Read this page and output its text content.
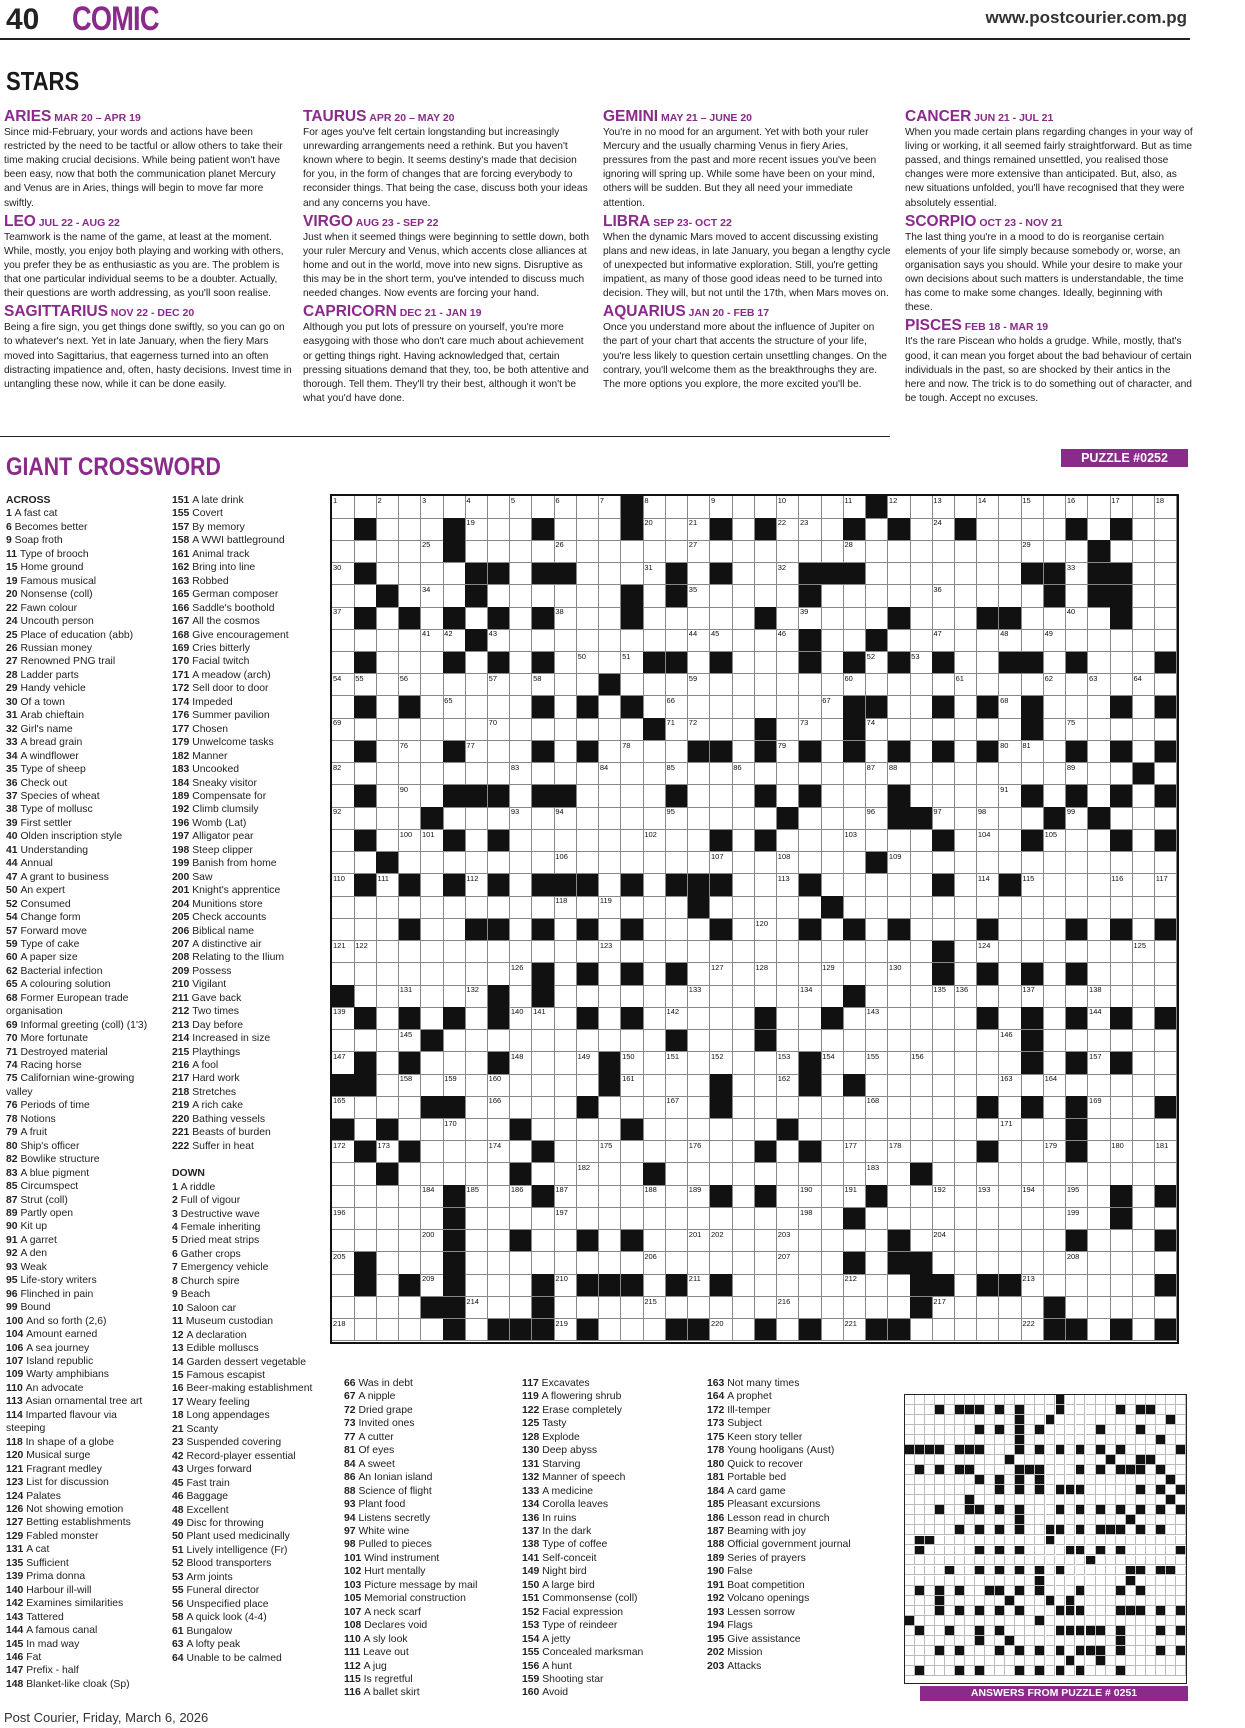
40 COMIC	www.postcourier.com.pg
STARS
ARIES MAR 20 – APR 19
Since mid-February, your words and actions have been restricted by the need to be tactful or allow others to take their time making crucial decisions. While being patient won't have been easy, now that both the communication planet Mercury and Venus are in Aries, things will begin to move far more swiftly.
LEO JUL 22 - AUG 22
Teamwork is the name of the game, at least at the moment. While, mostly, you enjoy both playing and working with others, you prefer they be as enthusiastic as you are. The problem is that one particular individual seems to be a doubter. Actually, their questions are worth addressing, as you'll soon realise.
SAGITTARIUS NOV 22 - DEC 20
Being a fire sign, you get things done swiftly, so you can go on to whatever's next. Yet in late January, when the fiery Mars moved into Sagittarius, that eagerness turned into an often distracting impatience and, often, hasty decisions. Invest time in untangling these now, while it can be done easily.
TAURUS APR 20 – MAY 20
For ages you've felt certain longstanding but increasingly unrewarding arrangements need a rethink. But you haven't known where to begin. It seems destiny's made that decision for you, in the form of changes that are forcing everybody to reconsider things. That being the case, discuss both your ideas and any concerns you have.
VIRGO AUG 23 - SEP 22
Just when it seemed things were beginning to settle down, both your ruler Mercury and Venus, which accents close alliances at home and out in the world, move into new signs. Disruptive as this may be in the short term, you've intended to discuss much needed changes. Now events are forcing your hand.
CAPRICORN DEC 21 - JAN 19
Although you put lots of pressure on yourself, you're more easygoing with those who don't care much about achievement or getting things right. Having acknowledged that, certain pressing situations demand that they, too, be both attentive and thorough. Tell them. They'll try their best, although it won't be what you'd have done.
GEMINI MAY 21 – JUNE 20
You're in no mood for an argument. Yet with both your ruler Mercury and the usually charming Venus in fiery Aries, pressures from the past and more recent issues you've been ignoring will spring up. While some have been on your mind, others will be sudden. But they all need your immediate attention.
LIBRA SEP 23- OCT 22
When the dynamic Mars moved to accent discussing existing plans and new ideas, in late January, you began a lengthy cycle of unexpected but informative exploration. Still, you're getting impatient, as many of those good ideas need to be turned into decision. They will, but not until the 17th, when Mars moves on.
AQUARIUS JAN 20 - FEB 17
Once you understand more about the influence of Jupiter on the part of your chart that accents the structure of your life, you're less likely to question certain unsettling changes. On the contrary, you'll welcome them as the breakthroughs they are. The more options you explore, the more excited you'll be.
CANCER JUN 21 - JUL 21
When you made certain plans regarding changes in your way of living or working, it all seemed fairly straightforward. But as time passed, and things remained unsettled, you realised those changes were more extensive than anticipated. But, also, as new situations unfolded, you'll have recognised that they were absolutely essential.
SCORPIO OCT 23 - NOV 21
The last thing you're in a mood to do is reorganise certain elements of your life simply because somebody or, worse, an organisation says you should. While your desire to make your own decisions about such matters is understandable, the time has come to make some changes. Ideally, beginning with these.
PISCES FEB 18 - MAR 19
It's the rare Piscean who holds a grudge. While, mostly, that's good, it can mean you forget about the bad behaviour of certain individuals in the past, so are shocked by their antics in the here and now. The trick is to do something out of character, and be tough. Accept no excuses.
GIANT CROSSWORD	PUZZLE #0252
ACROSS
1 A fast cat
6 Becomes better
9 Soap froth
11 Type of brooch
15 Home ground
19 Famous musical
20 Nonsense (coll)
22 Fawn colour
24 Uncouth person
25 Place of education (abb)
26 Russian money
27 Renowned PNG trail
28 Ladder parts
29 Handy vehicle
30 Of a town
31 Arab chieftain
32 Girl's name
33 A bread grain
34 A windflower
35 Type of sheep
36 Check out
37 Species of wheat
38 Type of mollusc
39 First settler
40 Olden inscription style
41 Understanding
44 Annual
47 A grant to business
50 An expert
52 Consumed
54 Change form
57 Forward move
59 Type of cake
60 A paper size
62 Bacterial infection
65 A colouring solution
68 Former European trade organisation
69 Informal greeting (coll) (1'3)
70 More fortunate
71 Destroyed material
74 Racing horse
75 Californian wine-growing valley
76 Periods of time
78 Notions
79 A fruit
80 Ship's officer
82 Bowlike structure
83 A blue pigment
85 Circumspect
87 Strut (coll)
89 Partly open
90 Kit up
91 A garret
92 A den
93 Weak
95 Life-story writers
96 Flinched in pain
99 Bound
100 And so forth (2,6)
104 Amount earned
106 A sea journey
107 Island republic
109 Warty amphibians
110 An advocate
113 Asian ornamental tree art
114 Imparted flavour via steeping
118 In shape of a globe
120 Musical surge
121 Fragrant medley
123 List for discussion
124 Palates
126 Not showing emotion
127 Betting establishments
129 Fabled monster
131 A cat
135 Sufficient
139 Prima donna
140 Harbour ill-will
142 Examines similarities
143 Tattered
144 A famous canal
145 In mad way
146 Fat
147 Prefix - half
148 Blanket-like cloak (Sp)
151 A late drink
155 Covert
157 By memory
158 A WWI battleground
161 Animal track
162 Bring into line
163 Robbed
165 German composer
166 Saddle's boothold
167 All the cosmos
168 Give encouragement
169 Cries bitterly
170 Facial twitch
171 A meadow (arch)
172 Sell door to door
174 Impeded
176 Summer pavilion
177 Chosen
179 Unwelcome tasks
182 Manner
183 Uncooked
184 Sneaky visitor
189 Compensate for
192 Climb clumsily
196 Womb (Lat)
197 Alligator pear
198 Steep clipper
199 Banish from home
200 Saw
201 Knight's apprentice
204 Munitions store
205 Check accounts
206 Biblical name
207 A distinctive air
208 Relating to the Ilium
209 Possess
210 Vigilant
211 Gave back
212 Two times
213 Day before
214 Increased in size
215 Playthings
216 A fool
217 Hard work
218 Stretches
219 A rich cake
220 Bathing vessels
221 Beasts of burden
222 Suffer in heat
DOWN
1 A riddle
2 Full of vigour
3 Destructive wave
4 Female inheriting
5 Dried meat strips
6 Gather crops
7 Emergency vehicle
8 Church spire
9 Beach
10 Saloon car
11 Museum custodian
12 A declaration
13 Edible molluscs
14 Garden dessert vegetable
15 Famous escapist
16 Beer-making establishment
17 Weary feeling
18 Long appendages
21 Scanty
23 Suspended covering
42 Record-player essential
43 Urges forward
45 Fast train
46 Baggage
48 Excellent
49 Disc for throwing
50 Plant used medicinally
51 Lively intelligence (Fr)
52 Blood transporters
53 Arm joints
55 Funeral director
56 Unspecified place
58 A quick look (4-4)
61 Bungalow
63 A lofty peak
64 Unable to be calmed
66 Was in debt
67 A nipple
72 Dried grape
73 Invited ones
77 A cutter
81 Of eyes
84 A sweet
86 An Ionian island
88 Science of flight
93 Plant food
94 Listens secretly
97 White wine
98 Pulled to pieces
101 Wind instrument
102 Hurt mentally
103 Picture message by mail
105 Memorial construction
107 A neck scarf
108 Declares void
110 A sly look
111 Leave out
112 A jug
115 Is regretful
116 A ballet skirt
117 Excavates
119 A flowering shrub
122 Erase completely
125 Tasty
128 Explode
130 Deep abyss
131 Starving
132 Manner of speech
133 A medicine
134 Corolla leaves
136 In ruins
137 In the dark
138 Type of coffee
141 Self-conceit
149 Night bird
150 A large bird
151 Commonsense (coll)
152 Facial expression
153 Type of reindeer
154 A jetty
155 Concealed marksman
156 A hunt
159 Shooting star
160 Avoid
163 Not many times
164 A prophet
172 Ill-temper
173 Subject
175 Keen story teller
178 Young hooligans (Aust)
180 Quick to recover
181 Portable bed
184 A card game
185 Pleasant excursions
186 Lesson read in church
187 Beaming with joy
188 Official government journal
189 Series of prayers
190 False
191 Boat competition
192 Volcano openings
193 Lessen sorrow
194 Flags
195 Give assistance
202 Mission
203 Attacks
1	2	3	4	5	6	7	8	9	10	11	12	13	14	15	16	17	18
19	20	21	22 23	24
25	26	27	28	29
30	31	32	33
34	35	36
37	38	39	40
41 42	43	44 45	46	47	48	49
50	51	52	53
54 55	56	57	58	59	60	61	62	63	64
65	66	67	68
69	70	71 72	73	74	75
76	77	78	79	80 81
82	83	84	85	86	87 88	89
90	91
92	93	94	95	96	97	98	99
100 101	102	103	104	105
106	107	108	109
110	111	112	113	114	115	116	117
118	119
120
121 122	123	124	125
126	127	128	129	130
131	132	133	134	135 136	137	138
139	140 141	142	143	144
145	146
147	148	149	150	151	152	153	154	155	156	157
158	159	160	161	162	163	164
165	166	167	168	169
170	171
172	173	174	175	176	177	178	179	180	181
182	183
184	185	186	187	188	189	190	191	192	193	194	195
196	197	198	199
200	201 202	203	204
205	206	207	208
209	210	211	212	213
214	215	216	217
218	219	220	221	222
ANSWERS FROM PUZZLE # 0251
Post Courier, Friday, March 6, 2026
